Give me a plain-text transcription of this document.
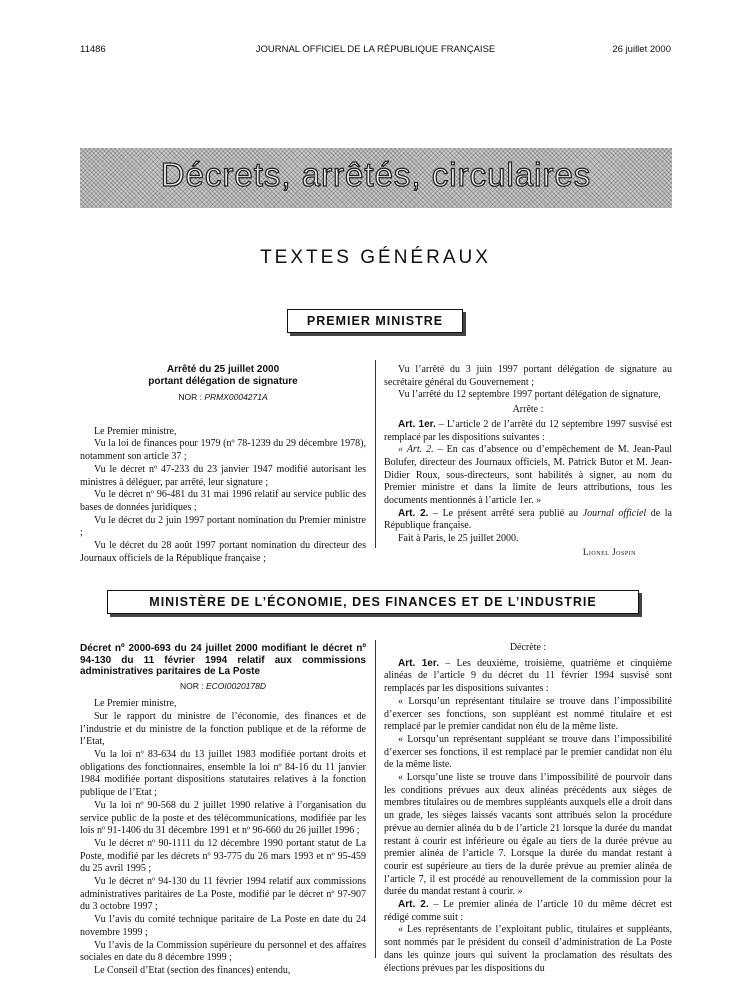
11486	JOURNAL OFFICIEL DE LA RÉPUBLIQUE FRANÇAISE	26 juillet 2000
Décrets, arrêtés, circulaires
TEXTES GÉNÉRAUX
PREMIER MINISTRE
Arrêté du 25 juillet 2000
portant délégation de signature
NOR : PRMX0004271A

Le Premier ministre,

Vu la loi de finances pour 1979 (nº 78-1239 du 29 décembre 1978), notamment son article 37 ;

Vu le décret nº 47-233 du 23 janvier 1947 modifié autorisant les ministres à déléguer, par arrêté, leur signature ;

Vu le décret nº 96-481 du 31 mai 1996 relatif au service public des bases de données juridiques ;

Vu le décret du 2 juin 1997 portant nomination du Premier ministre ;

Vu le décret du 28 août 1997 portant nomination du directeur des Journaux officiels de la République française ;

Vu l’arrêté du 3 juin 1997 portant délégation de signature au secrétaire général du Gouvernement ;

Vu l’arrêté du 12 septembre 1997 portant délégation de signature,

Arrête :

Art. 1er. – L’article 2 de l’arrêté du 12 septembre 1997 susvisé est remplacé par les dispositions suivantes :

« Art. 2. – En cas d’absence ou d’empêchement de M. Jean-Paul Bolufer, directeur des Journaux officiels, M. Patrick Butor et M. Jean-Didier Roux, sous-directeurs, sont habilités à signer, au nom du Premier ministre et dans la limite de leurs attributions, tous les documents mentionnés à l’article 1er. »

Art. 2. – Le présent arrêté sera publié au Journal officiel de la République française.

Fait à Paris, le 25 juillet 2000.

Lionel Jospin

MINISTÈRE DE L’ÉCONOMIE, DES FINANCES ET DE L’INDUSTRIE
Décret nº 2000-693 du 24 juillet 2000 modifiant le décret nº 94-130 du 11 février 1994 relatif aux commissions administratives paritaires de La Poste
NOR : ECOI0020178D

Le Premier ministre,

Sur le rapport du ministre de l’économie, des finances et de l’industrie et du ministre de la fonction publique et de la réforme de l’Etat,

Vu la loi nº 83-634 du 13 juillet 1983 modifiée portant droits et obligations des fonctionnaires, ensemble la loi nº 84-16 du 11 janvier 1984 modifiée portant dispositions statutaires relatives à la fonction publique de l’Etat ;

Vu la loi nº 90-568 du 2 juillet 1990 relative à l’organisation du service public de la poste et des télécommunications, modifiée par les lois nº 91-1406 du 31 décembre 1991 et nº 96-660 du 26 juillet 1996 ;

Vu le décret nº 90-1111 du 12 décembre 1990 portant statut de La Poste, modifié par les décrets nº 93-775 du 26 mars 1993 et nº 95-459 du 25 avril 1995 ;

Vu le décret nº 94-130 du 11 février 1994 relatif aux commissions administratives paritaires de La Poste, modifié par le décret nº 97-907 du 3 octobre 1997 ;

Vu l’avis du comité technique paritaire de La Poste en date du 24 novembre 1999 ;

Vu l’avis de la Commission supérieure du personnel et des affaires sociales en date du 8 décembre 1999 ;

Le Conseil d’Etat (section des finances) entendu,

Décrète :

Art. 1er. – Les deuxième, troisième, quatrième et cinquième alinéas de l’article 9 du décret du 11 février 1994 susvisé sont remplacés par les dispositions suivantes :

« Lorsqu’un représentant titulaire se trouve dans l’impossibilité d’exercer ses fonctions, son suppléant est nommé titulaire et est remplacé par le premier candidat non élu de la même liste.

« Lorsqu’un représentant suppléant se trouve dans l’impossibilité d’exercer ses fonctions, il est remplacé par le premier candidat non élu de la même liste.

« Lorsqu’une liste se trouve dans l’impossibilité de pourvoir dans les conditions prévues aux deux alinéas précédents aux sièges de membres titulaires ou de membres suppléants auxquels elle a droit dans un grade, les sièges laissés vacants sont attribués selon la procédure prévue au dernier alinéa du b de l’article 21 lorsque la durée du mandat restant à courir est inférieure ou égale au tiers de la durée prévue au premier alinéa de l’article 7. Lorsque la durée du mandat restant à courir est supérieure au tiers de la durée prévue au premier alinéa de l’article 7, il est procédé au renouvellement de la commission pour la durée du mandat restant à courir. »

Art. 2. – Le premier alinéa de l’article 10 du même décret est rédigé comme suit :

« Les représentants de l’exploitant public, titulaires et suppléants, sont nommés par le président du conseil d’administration de La Poste dans les quinze jours qui suivent la proclamation des résultats des élections prévues par les dispositions du
